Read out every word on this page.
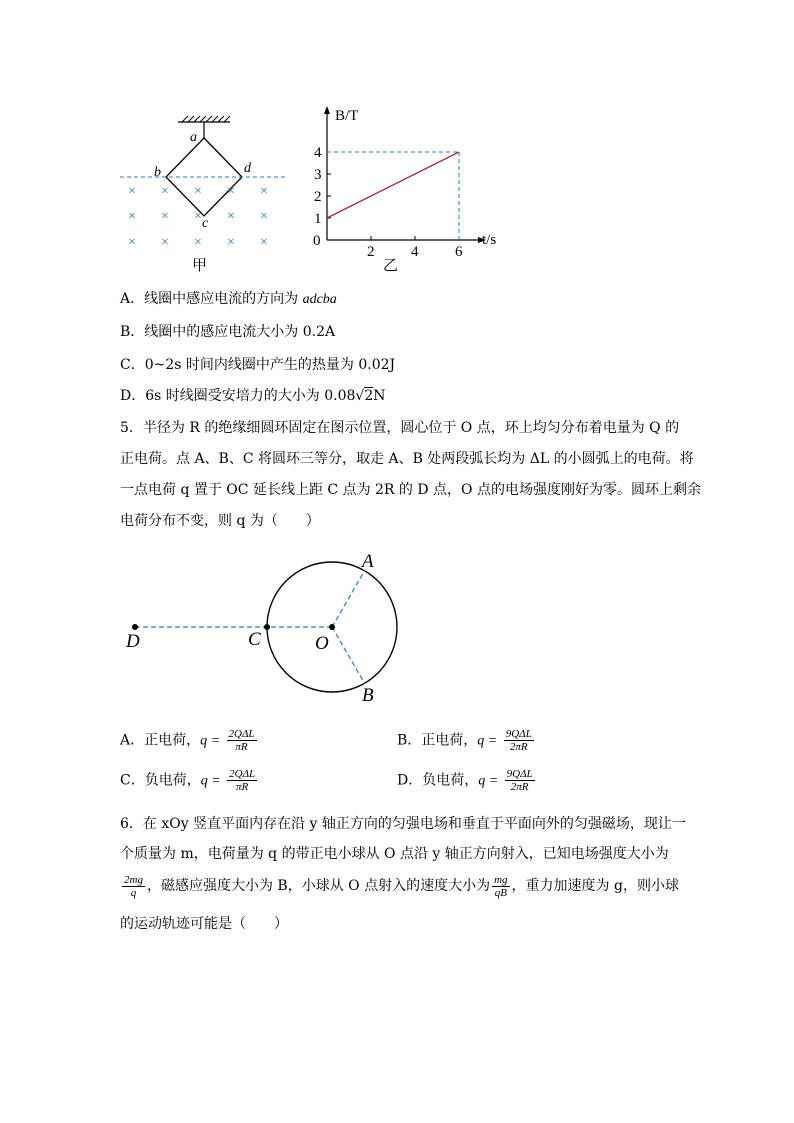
× × × × ×
× × × × ×
× × × × ×
a
b
c
d
甲
B/T
t/s
0
2 4 6
1
2
3
4
乙
A．线圈中感应电流的方向为 adcba
B．线圈中的感应电流大小为 0.2A
C．0~2s 时间内线圈中产生的热量为 0.02J
D．6s 时线圈受安培力的大小为 0.08√2N
5．半径为 R 的绝缘细圆环固定在图示位置，圆心位于 O 点，环上均匀分布着电量为 Q 的
正电荷。点 A、B、C 将圆环三等分，取走 A、B 处两段弧长均为 ΔL 的小圆弧上的电荷。将
一点电荷 q 置于 OC 延长线上距 C 点为 2R 的 D 点，O 点的电场强度刚好为零。圆环上剩余
电荷分布不变，则 q 为（　　）
D	C	O
A
B
A．正电荷，$q = \frac{\text{2QΔL}}{\pi R}$	B．正电荷，$q = \frac{\text{9QΔL}}{2\pi R}$
C．负电荷，$q = \frac{\text{2QΔL}}{\pi R}$	D．负电荷，$q = \frac{\text{9QΔL}}{2\pi R}$
6．在 xOy 竖直平面内存在沿 y 轴正方向的匀强电场和垂直于平面向外的匀强磁场，现让一
个质量为 m，电荷量为 q 的带正电小球从 O 点沿 y 轴正方向射入，已知电场强度大小为
$\frac{2mg}{q}$ ，磁感应强度大小为 B，小球从 O 点射入的速度大小为 $\frac{mg}{qB}$ ，重力加速度为 g，则小球
的运动轨迹可能是（　　）
